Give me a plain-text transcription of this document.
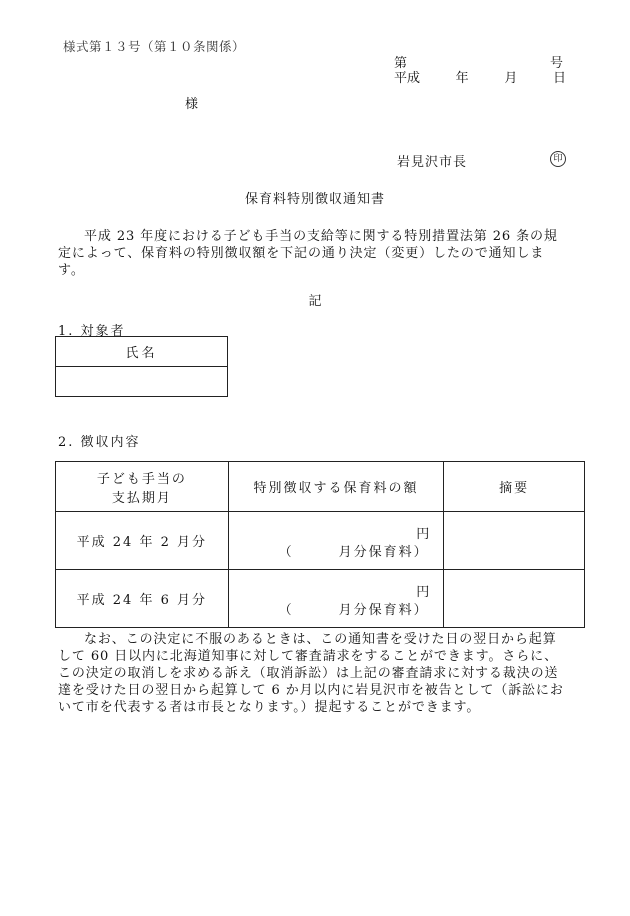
様式第１３号（第１０条関係）
第	号
平成	年	月	日
様
岩見沢市長	印
保育料特別徴収通知書
平成 23 年度における子ども手当の支給等に関する特別措置法第 26 条の規定によって、保育料の特別徴収額を下記の通り決定（変更）したので通知します。
記
1. 対象者
氏名

2. 徴収内容
子ども手当の
支払期月	特別徴収する保育料の額	摘要
平成 24 年 2 月分	円
（　　　月分保育料）	

平成 24 年 6 月分	円
（　　　月分保育料）	

なお、この決定に不服のあるときは、この通知書を受けた日の翌日から起算して 60 日以内に北海道知事に対して審査請求をすることができます。さらに、この決定の取消しを求める訴え（取消訴訟）は上記の審査請求に対する裁決の送達を受けた日の翌日から起算して 6 か月以内に岩見沢市を被告として（訴訟において市を代表する者は市長となります。）提起することができます。
